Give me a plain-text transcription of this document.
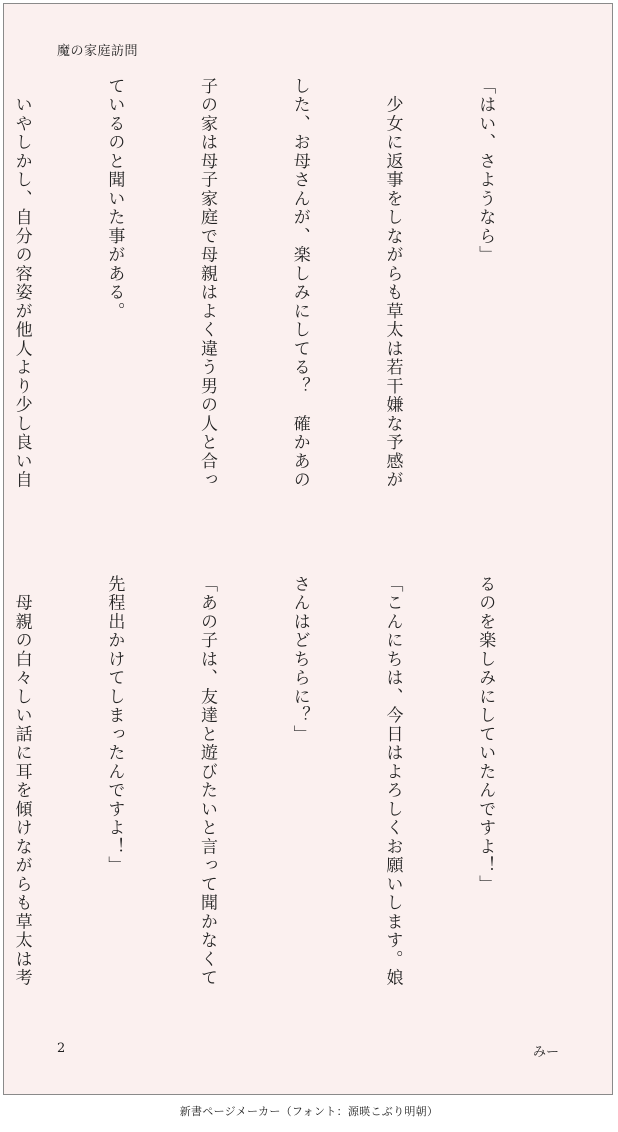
魔の家庭訪問

「はい、さようなら」

　少女に返事をしながらも草太は若干嫌な予感が

した、お母さんが、楽しみにしてる？　確かあの

子の家は母子家庭で母親はよく違う男の人と合っ

ているのと聞いた事がある。

　いやしかし、自分の容姿が他人より少し良い自

るのを楽しみにしていたんですよ！」

「こんにちは、今日はよろしくお願いします。娘

さんはどちらに？」

「あの子は、友達と遊びたいと言って聞かなくて

先程出かけてしまったんですよ！」

　母親の白々しい話に耳を傾けながらも草太は考

2	みー
新書ページメーカー（フォント：源暎こぶり明朝）
